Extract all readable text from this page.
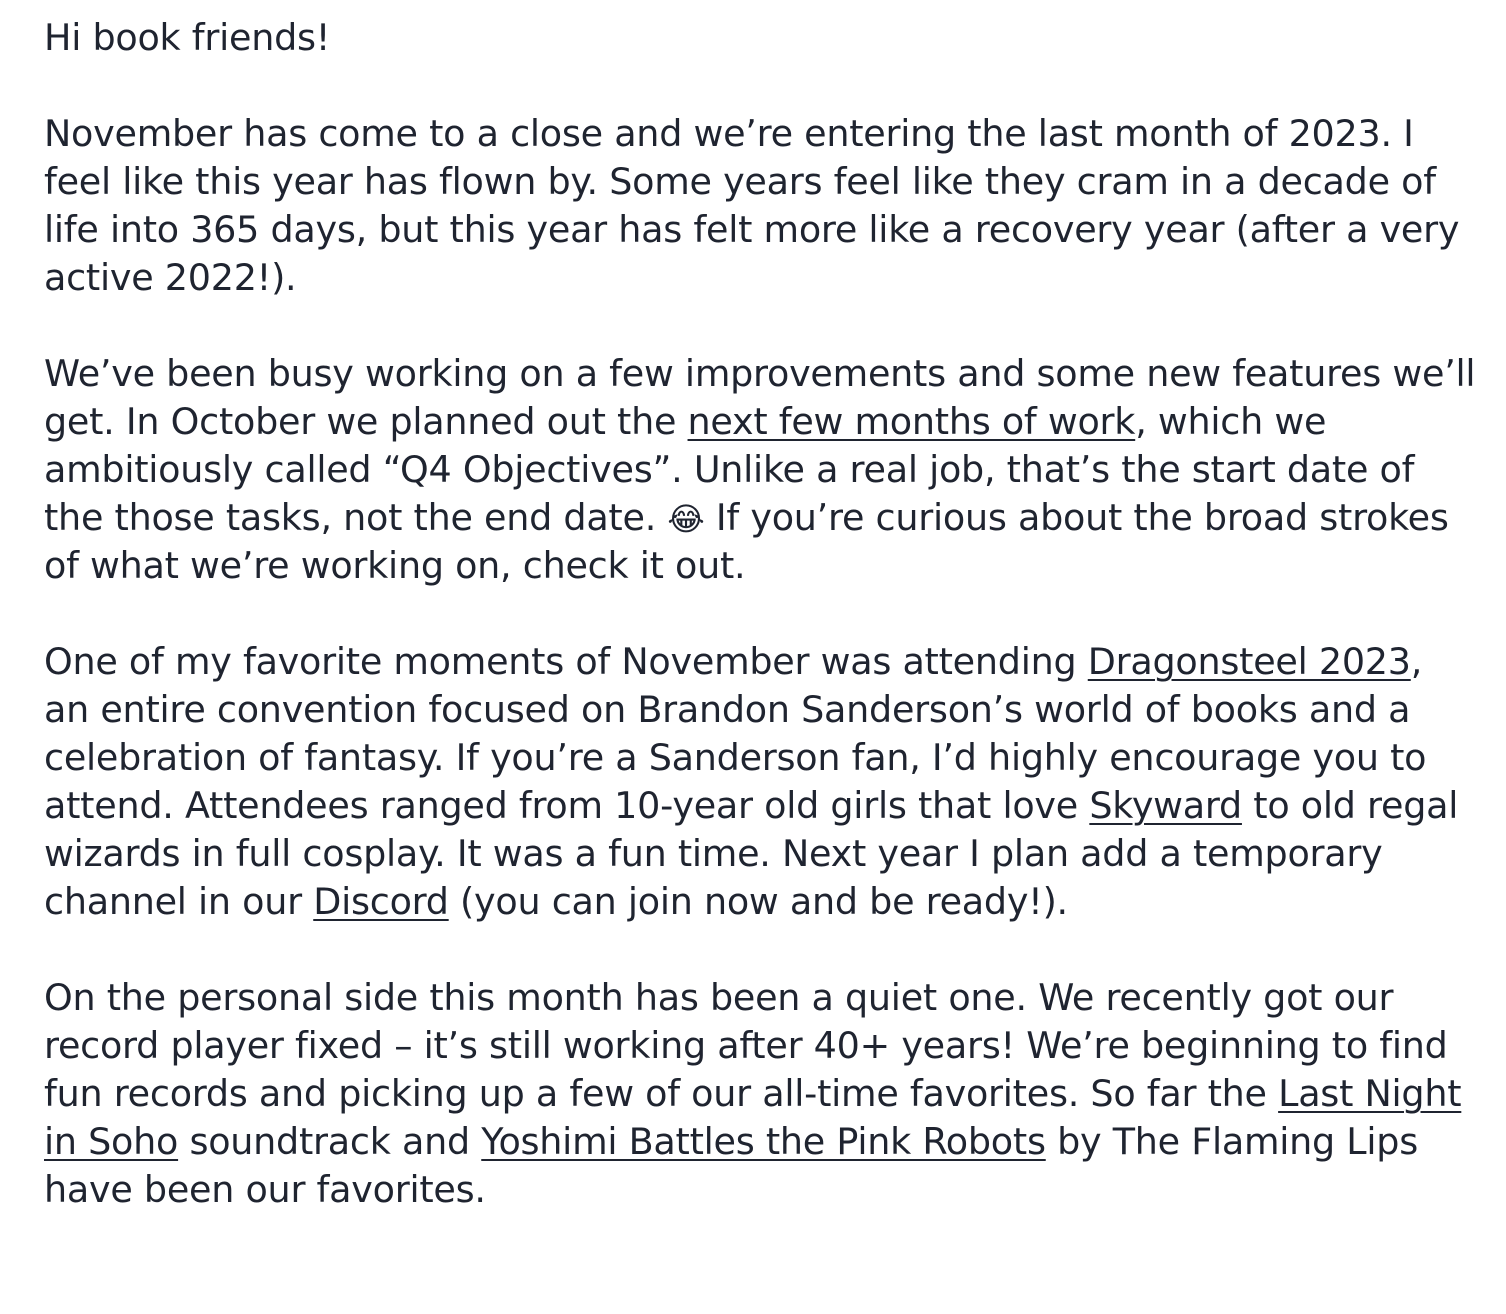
Hi book friends!

November has come to a close and we’re entering the last month of 2023. I feel like this year has flown by. Some years feel like they cram in a decade of life into 365 days, but this year has felt more like a recovery year (after a very active 2022!).

We’ve been busy working on a few improvements and some new features we’ll get. In October we planned out the next few months of work, which we ambitiously called “Q4 Objectives”. Unlike a real job, that’s the start date of the those tasks, not the end date. 😂 If you’re curious about the broad strokes of what we’re working on, check it out.

One of my favorite moments of November was attending Dragonsteel 2023, an entire convention focused on Brandon Sanderson’s world of books and a celebration of fantasy. If you’re a Sanderson fan, I’d highly encourage you to attend. Attendees ranged from 10-year old girls that love Skyward to old regal wizards in full cosplay. It was a fun time. Next year I plan add a temporary channel in our Discord (you can join now and be ready!).

On the personal side this month has been a quiet one. We recently got our record player fixed – it’s still working after 40+ years! We’re beginning to find fun records and picking up a few of our all-time favorites. So far the Last Night in Soho soundtrack and Yoshimi Battles the Pink Robots by The Flaming Lips have been our favorites.
